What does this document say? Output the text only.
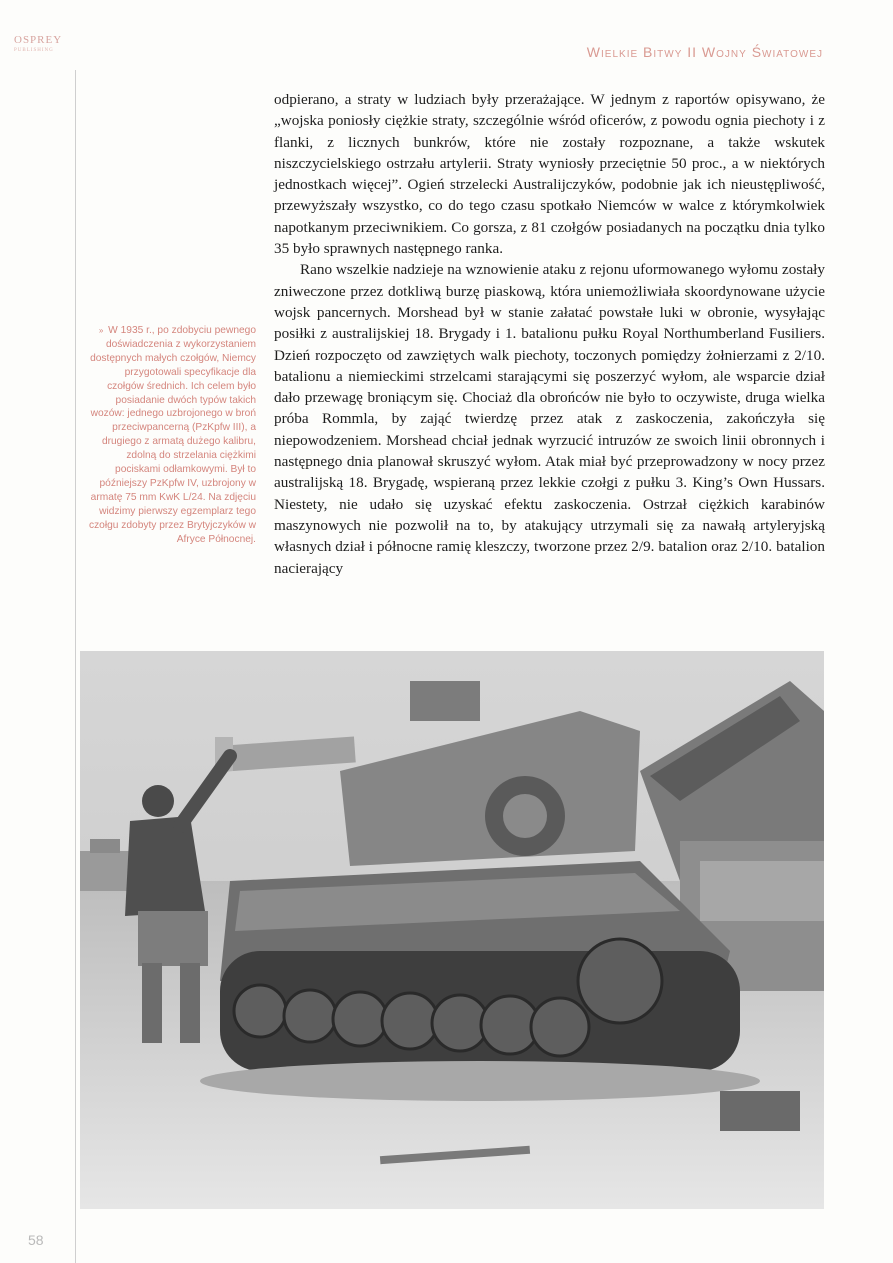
OSPREY
PUBLISHING	Wielkie Bitwy II Wojny Światowej

odpierano, a straty w ludziach były przerażające. W jednym z raportów opisywano, że „wojska poniosły ciężkie straty, szczególnie wśród oficerów, z powodu ognia piechoty i z flanki, z licznych bunkrów, które nie zostały rozpoznane, a także wskutek niszczycielskiego ostrzału artylerii. Straty wyniosły przeciętnie 50 proc., a w niektórych jednostkach więcej”. Ogień strzelecki Australijczyków, podobnie jak ich nieustępliwość, przewyższały wszystko, co do tego czasu spotkało Niemców w walce z którymkolwiek napotkanym przeciwnikiem. Co gorsza, z 81 czołgów posiadanych na początku dnia tylko 35 było sprawnych następnego ranka.

Rano wszelkie nadzieje na wznowienie ataku z rejonu uformowanego wyłomu zostały zniweczone przez dotkliwą burzę piaskową, która uniemożliwiała skoordynowane użycie wojsk pancernych. Morshead był w stanie załatać powstałe luki w obronie, wysyłając posiłki z australijskiej 18. Brygady i 1. batalionu pułku Royal Northumberland Fusiliers. Dzień rozpoczęto od zawziętych walk piechoty, toczonych pomiędzy żołnierzami z 2/10. batalionu a niemieckimi strzelcami starającymi się poszerzyć wyłom, ale wsparcie dział dało przewagę broniącym się. Chociaż dla obrońców nie było to oczywiste, druga wielka próba Rommla, by zająć twierdzę przez atak z zaskoczenia, zakończyła się niepowodzeniem. Morshead chciał jednak wyrzucić intruzów ze swoich linii obronnych i następnego dnia planował skruszyć wyłom. Atak miał być przeprowadzony w nocy przez australijską 18. Brygadę, wspieraną przez lekkie czołgi z pułku 3. King’s Own Hussars. Niestety, nie udało się uzyskać efektu zaskoczenia. Ostrzał ciężkich karabinów maszynowych nie pozwolił na to, by atakujący utrzymali się za nawałą artyleryjską własnych dział i północne ramię kleszczy, tworzone przez 2/9. batalion oraz 2/10. batalion nacierający

» W 1935 r., po zdobyciu pewnego doświadczenia z wykorzystaniem dostępnych małych czołgów, Niemcy przygotowali specyfikacje dla czołgów średnich. Ich celem było posiadanie dwóch typów takich wozów: jednego uzbrojonego w broń przeciwpancerną (PzKpfw III), a drugiego z armatą dużego kalibru, zdolną do strzelania ciężkimi pociskami odłamkowymi. Był to późniejszy PzKpfw IV, uzbrojony w armatę 75 mm KwK L/24. Na zdjęciu widzimy pierwszy egzemplarz tego czołgu zdobyty przez Brytyjczyków w Afryce Północnej.

58
